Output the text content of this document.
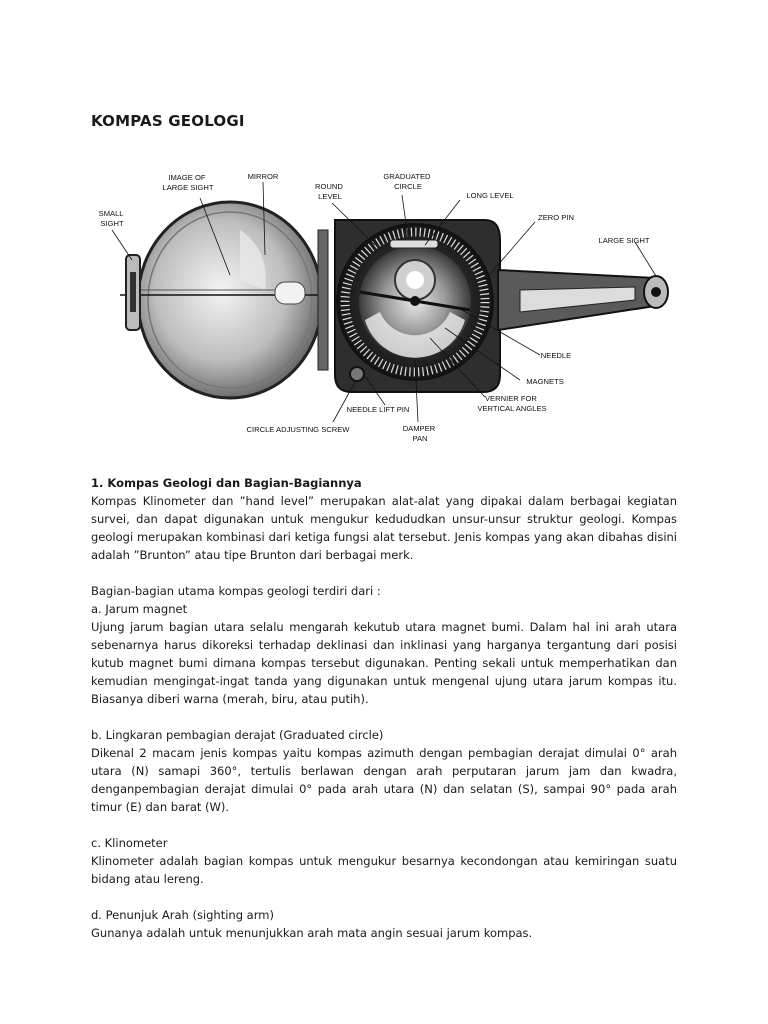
KOMPAS GEOLOGI
SMALL SIGHT
IMAGE OF LARGE SIGHT
MIRROR
ROUND LEVEL
GRADUATED CIRCLE
LONG LEVEL
ZERO PIN
LARGE SIGHT
NEEDLE
MAGNETS
VERNIER FOR VERTICAL ANGLES
NEEDLE LIFT PIN
CIRCLE ADJUSTING SCREW	DAMPER PAN

1. Kompas Geologi dan Bagian-Bagiannya

Kompas Klinometer dan ”hand level” merupakan alat-alat yang dipakai dalam berbagai kegiatan survei, dan dapat digunakan untuk mengukur kedududkan unsur-unsur struktur geologi. Kompas geologi merupakan kombinasi dari ketiga fungsi alat tersebut. Jenis kompas yang akan dibahas disini adalah ”Brunton” atau tipe Brunton dari berbagai merk.

Bagian-bagian utama kompas geologi terdiri dari :

a. Jarum magnet

Ujung jarum bagian utara selalu mengarah kekutub utara magnet bumi. Dalam hal ini arah utara sebenarnya harus dikoreksi terhadap deklinasi dan inklinasi yang harganya tergantung dari posisi kutub magnet bumi dimana kompas tersebut digunakan. Penting sekali untuk memperhatikan dan kemudian mengingat-ingat tanda yang digunakan untuk mengenal ujung utara jarum kompas itu. Biasanya diberi warna (merah, biru, atau putih).

b. Lingkaran pembagian derajat (Graduated circle)

Dikenal 2 macam jenis kompas yaitu kompas azimuth dengan pembagian derajat dimulai 0° arah utara (N) samapi 360°, tertulis berlawan dengan arah perputaran jarum jam dan kwadra, denganpembagian derajat dimulai 0° pada arah utara (N) dan selatan (S), sampai 90° pada arah timur (E) dan barat (W).

c. Klinometer

Klinometer adalah bagian kompas untuk mengukur besarnya kecondongan atau kemiringan suatu bidang atau lereng.

d. Penunjuk Arah (sighting arm)

Gunanya adalah untuk menunjukkan arah mata angin sesuai jarum kompas.
